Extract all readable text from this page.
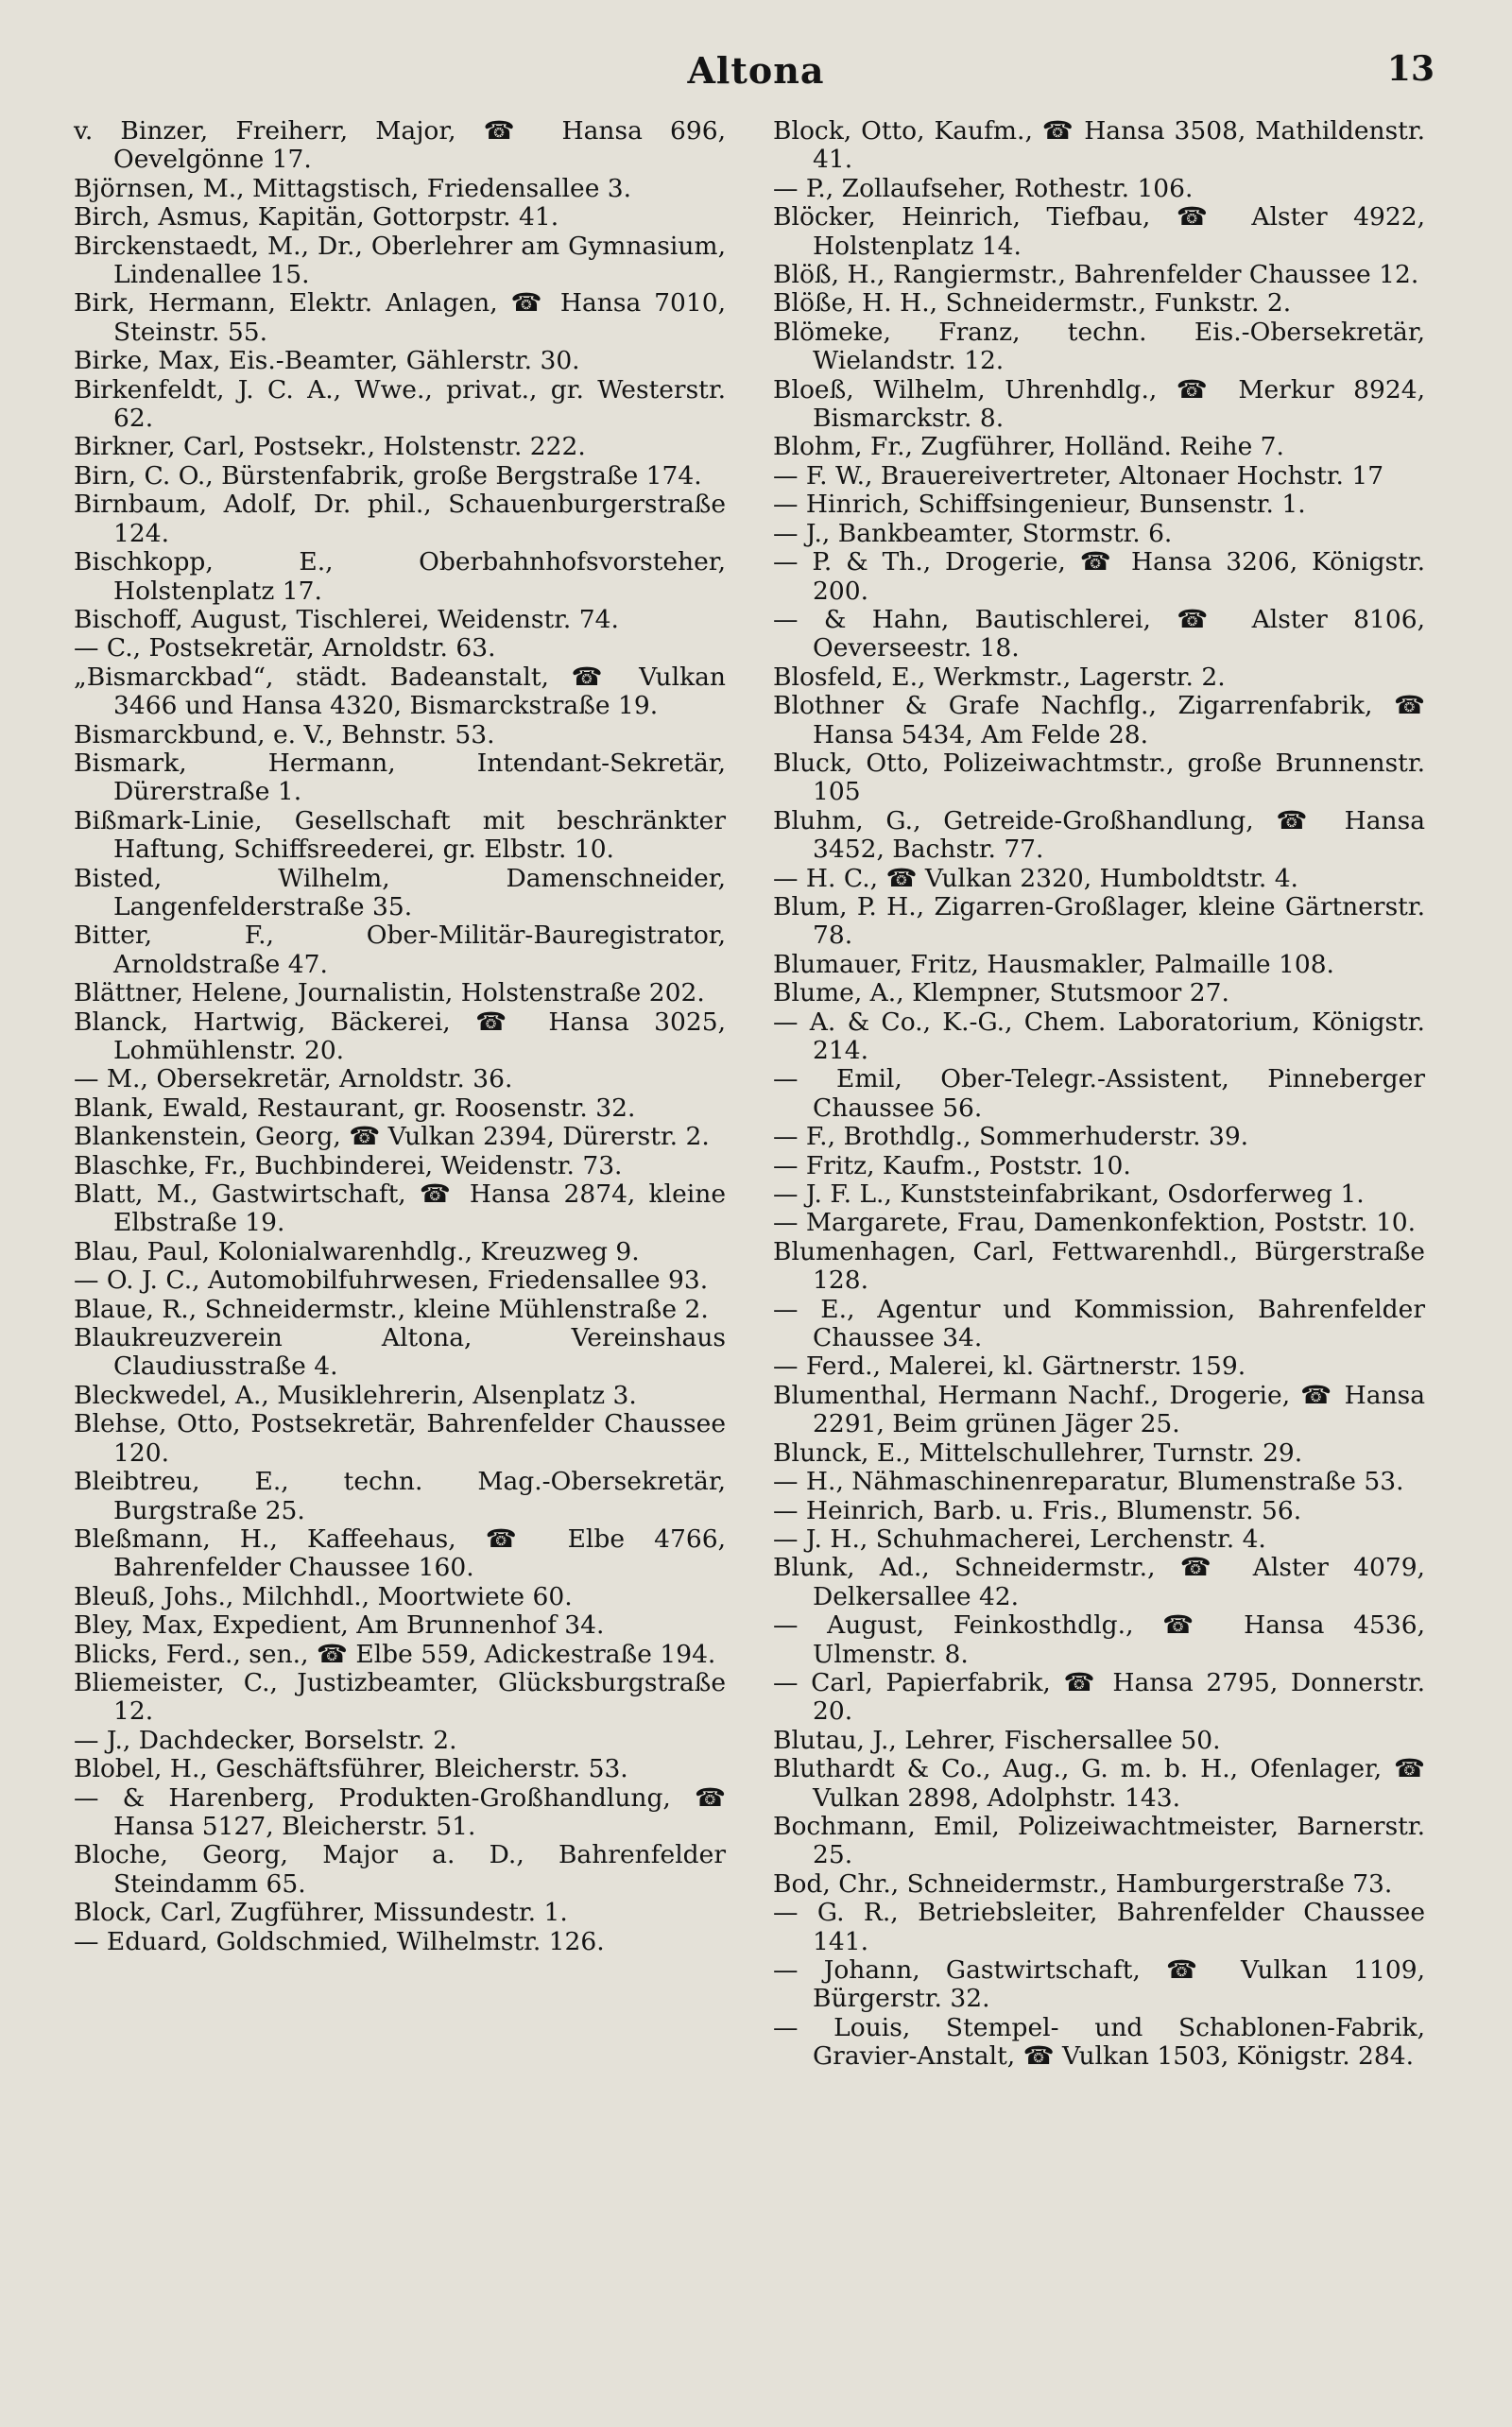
Altona	13
v. Binzer, Freiherr, Major, ☎ Hansa 696, Oevelgönne 17.
Björnsen, M., Mittagstisch, Friedensallee 3.
Birch, Asmus, Kapitän, Gottorpstr. 41.
Birckenstaedt, M., Dr., Oberlehrer am Gymnasium, Lindenallee 15.
Birk, Hermann, Elektr. Anlagen, ☎ Hansa 7010, Steinstr. 55.
Birke, Max, Eis.-Beamter, Gählerstr. 30.
Birkenfeldt, J. C. A., Wwe., privat., gr. Westerstr. 62.
Birkner, Carl, Postsekr., Holstenstr. 222.
Birn, C. O., Bürstenfabrik, große Bergstraße 174.
Birnbaum, Adolf, Dr. phil., Schauenburgerstraße 124.
Bischkopp, E., Oberbahnhofsvorsteher, Holstenplatz 17.
Bischoff, August, Tischlerei, Weidenstr. 74.
— C., Postsekretär, Arnoldstr. 63.
„Bismarckbad“, städt. Badeanstalt, ☎ Vulkan 3466 und Hansa 4320, Bismarckstraße 19.
Bismarckbund, e. V., Behnstr. 53.
Bismark, Hermann, Intendant-Sekretär, Dürerstraße 1.
Bißmark-Linie, Gesellschaft mit beschränkter Haftung, Schiffsreederei, gr. Elbstr. 10.
Bisted, Wilhelm, Damenschneider, Langenfelderstraße 35.
Bitter, F., Ober-Militär-Bauregistrator, Arnoldstraße 47.
Blättner, Helene, Journalistin, Holstenstraße 202.
Blanck, Hartwig, Bäckerei, ☎ Hansa 3025, Lohmühlenstr. 20.
— M., Obersekretär, Arnoldstr. 36.
Blank, Ewald, Restaurant, gr. Roosenstr. 32.
Blankenstein, Georg, ☎ Vulkan 2394, Dürerstr. 2.
Blaschke, Fr., Buchbinderei, Weidenstr. 73.
Blatt, M., Gastwirtschaft, ☎ Hansa 2874, kleine Elbstraße 19.
Blau, Paul, Kolonialwarenhdlg., Kreuzweg 9.
— O. J. C., Automobilfuhrwesen, Friedensallee 93.
Blaue, R., Schneidermstr., kleine Mühlenstraße 2.
Blaukreuzverein Altona, Vereinshaus Claudiusstraße 4.
Bleckwedel, A., Musiklehrerin, Alsenplatz 3.
Blehse, Otto, Postsekretär, Bahrenfelder Chaussee 120.
Bleibtreu, E., techn. Mag.-Obersekretär, Burgstraße 25.
Bleßmann, H., Kaffeehaus, ☎ Elbe 4766, Bahrenfelder Chaussee 160.
Bleuß, Johs., Milchhdl., Moortwiete 60.
Bley, Max, Expedient, Am Brunnenhof 34.
Blicks, Ferd., sen., ☎ Elbe 559, Adickestraße 194.
Bliemeister, C., Justizbeamter, Glücksburgstraße 12.
— J., Dachdecker, Borselstr. 2.
Blobel, H., Geschäftsführer, Bleicherstr. 53.
— & Harenberg, Produkten-Großhandlung, ☎ Hansa 5127, Bleicherstr. 51.
Bloche, Georg, Major a. D., Bahrenfelder Steindamm 65.
Block, Carl, Zugführer, Missundestr. 1.
— Eduard, Goldschmied, Wilhelmstr. 126.
Block, Otto, Kaufm., ☎ Hansa 3508, Mathildenstr. 41.
— P., Zollaufseher, Rothestr. 106.
Blöcker, Heinrich, Tiefbau, ☎ Alster 4922, Holstenplatz 14.
Blöß, H., Rangiermstr., Bahrenfelder Chaussee 12.
Blöße, H. H., Schneidermstr., Funkstr. 2.
Blömeke, Franz, techn. Eis.-Obersekretär, Wielandstr. 12.
Bloeß, Wilhelm, Uhrenhdlg., ☎ Merkur 8924, Bismarckstr. 8.
Blohm, Fr., Zugführer, Holländ. Reihe 7.
— F. W., Brauereivertreter, Altonaer Hochstr. 17
— Hinrich, Schiffsingenieur, Bunsenstr. 1.
— J., Bankbeamter, Stormstr. 6.
— P. & Th., Drogerie, ☎ Hansa 3206, Königstr. 200.
— & Hahn, Bautischlerei, ☎ Alster 8106, Oeverseestr. 18.
Blosfeld, E., Werkmstr., Lagerstr. 2.
Blothner & Grafe Nachflg., Zigarrenfabrik, ☎ Hansa 5434, Am Felde 28.
Bluck, Otto, Polizeiwachtmstr., große Brunnenstr. 105
Bluhm, G., Getreide-Großhandlung, ☎ Hansa 3452, Bachstr. 77.
— H. C., ☎ Vulkan 2320, Humboldtstr. 4.
Blum, P. H., Zigarren-Großlager, kleine Gärtnerstr. 78.
Blumauer, Fritz, Hausmakler, Palmaille 108.
Blume, A., Klempner, Stutsmoor 27.
— A. & Co., K.-G., Chem. Laboratorium, Königstr. 214.
— Emil, Ober-Telegr.-Assistent, Pinneberger Chaussee 56.
— F., Brothdlg., Sommerhuderstr. 39.
— Fritz, Kaufm., Poststr. 10.
— J. F. L., Kunststeinfabrikant, Osdorferweg 1.
— Margarete, Frau, Damenkonfektion, Poststr. 10.
Blumenhagen, Carl, Fettwarenhdl., Bürgerstraße 128.
— E., Agentur und Kommission, Bahrenfelder Chaussee 34.
— Ferd., Malerei, kl. Gärtnerstr. 159.
Blumenthal, Hermann Nachf., Drogerie, ☎ Hansa 2291, Beim grünen Jäger 25.
Blunck, E., Mittelschullehrer, Turnstr. 29.
— H., Nähmaschinenreparatur, Blumenstraße 53.
— Heinrich, Barb. u. Fris., Blumenstr. 56.
— J. H., Schuhmacherei, Lerchenstr. 4.
Blunk, Ad., Schneidermstr., ☎ Alster 4079, Delkersallee 42.
— August, Feinkosthdlg., ☎ Hansa 4536, Ulmenstr. 8.
— Carl, Papierfabrik, ☎ Hansa 2795, Donnerstr. 20.
Blutau, J., Lehrer, Fischersallee 50.
Bluthardt & Co., Aug., G. m. b. H., Ofenlager, ☎ Vulkan 2898, Adolphstr. 143.
Bochmann, Emil, Polizeiwachtmeister, Barnerstr. 25.
Bod, Chr., Schneidermstr., Hamburgerstraße 73.
— G. R., Betriebsleiter, Bahrenfelder Chaussee 141.
— Johann, Gastwirtschaft, ☎ Vulkan 1109, Bürgerstr. 32.
— Louis, Stempel- und Schablonen-Fabrik, Gravier-Anstalt, ☎ Vulkan 1503, Königstr. 284.
